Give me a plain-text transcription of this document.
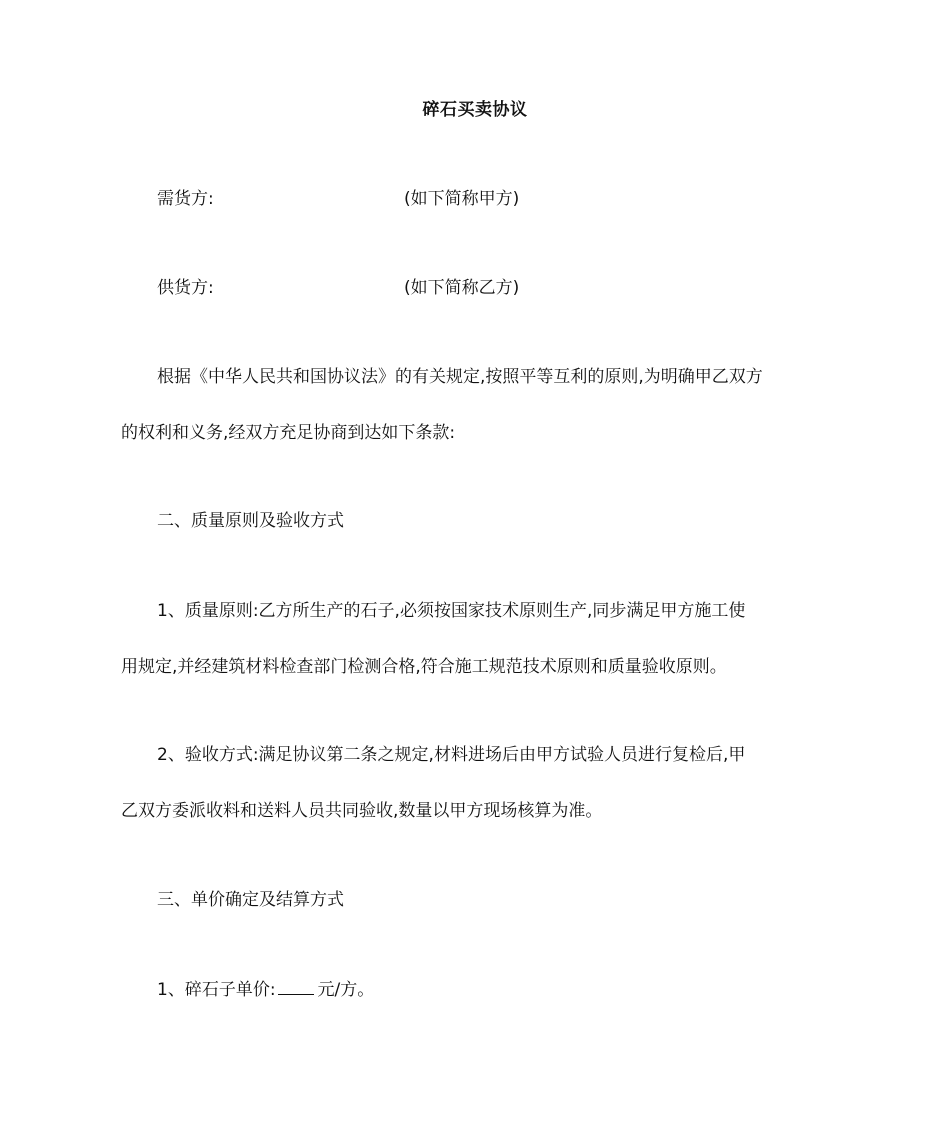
碎石买卖协议
需货方:	(如下简称甲方)
供货方:	(如下简称乙方)
根据《中华人民共和国协议法》的有关规定,按照平等互利的原则,为明确甲乙双方
的权利和义务,经双方充足协商到达如下条款:
二、质量原则及验收方式
1、质量原则:乙方所生产的石子,必须按国家技术原则生产,同步满足甲方施工使
用规定,并经建筑材料检查部门检测合格,符合施工规范技术原则和质量验收原则。
2、验收方式:满足协议第二条之规定,材料进场后由甲方试验人员进行复检后,甲
乙双方委派收料和送料人员共同验收,数量以甲方现场核算为准。
三、单价确定及结算方式
1、碎石子单价: 元/方。
